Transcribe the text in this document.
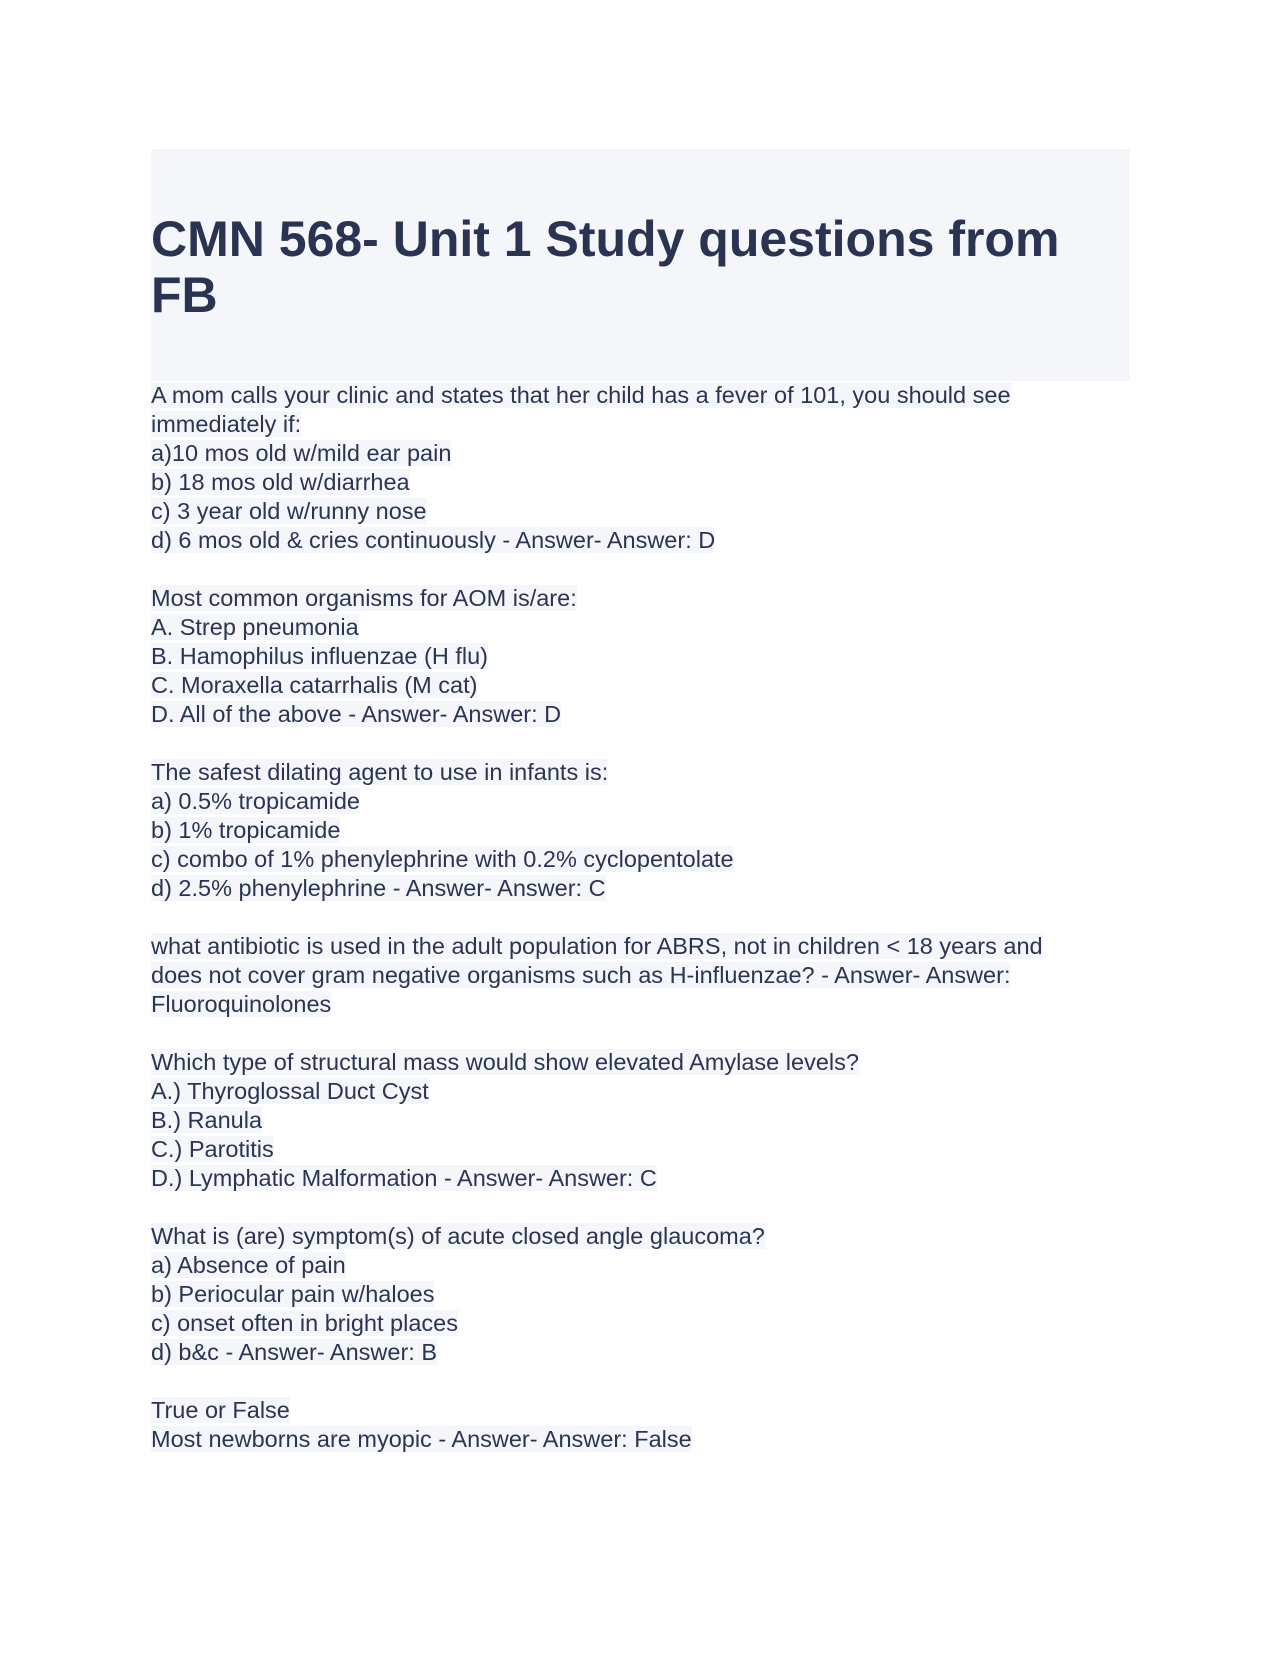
CMN 568- Unit 1 Study questions from FB
A mom calls your clinic and states that her child has a fever of 101, you should see
immediately if:
a)10 mos old w/mild ear pain
b) 18 mos old w/diarrhea
c) 3 year old w/runny nose
d) 6 mos old & cries continuously - Answer- Answer: D
Most common organisms for AOM is/are:
A. Strep pneumonia
B. Hamophilus influenzae (H flu)
C. Moraxella catarrhalis (M cat)
D. All of the above - Answer- Answer: D
The safest dilating agent to use in infants is:
a) 0.5% tropicamide
b) 1% tropicamide
c) combo of 1% phenylephrine with 0.2% cyclopentolate
d) 2.5% phenylephrine - Answer- Answer: C
what antibiotic is used in the adult population for ABRS, not in children < 18 years and
does not cover gram negative organisms such as H-influenzae? - Answer- Answer:
Fluoroquinolones
Which type of structural mass would show elevated Amylase levels?
A.) Thyroglossal Duct Cyst
B.) Ranula
C.) Parotitis
D.) Lymphatic Malformation - Answer- Answer: C
What is (are) symptom(s) of acute closed angle glaucoma?
a) Absence of pain
b) Periocular pain w/haloes
c) onset often in bright places
d) b&c - Answer- Answer: B
True or False
Most newborns are myopic - Answer- Answer: False
